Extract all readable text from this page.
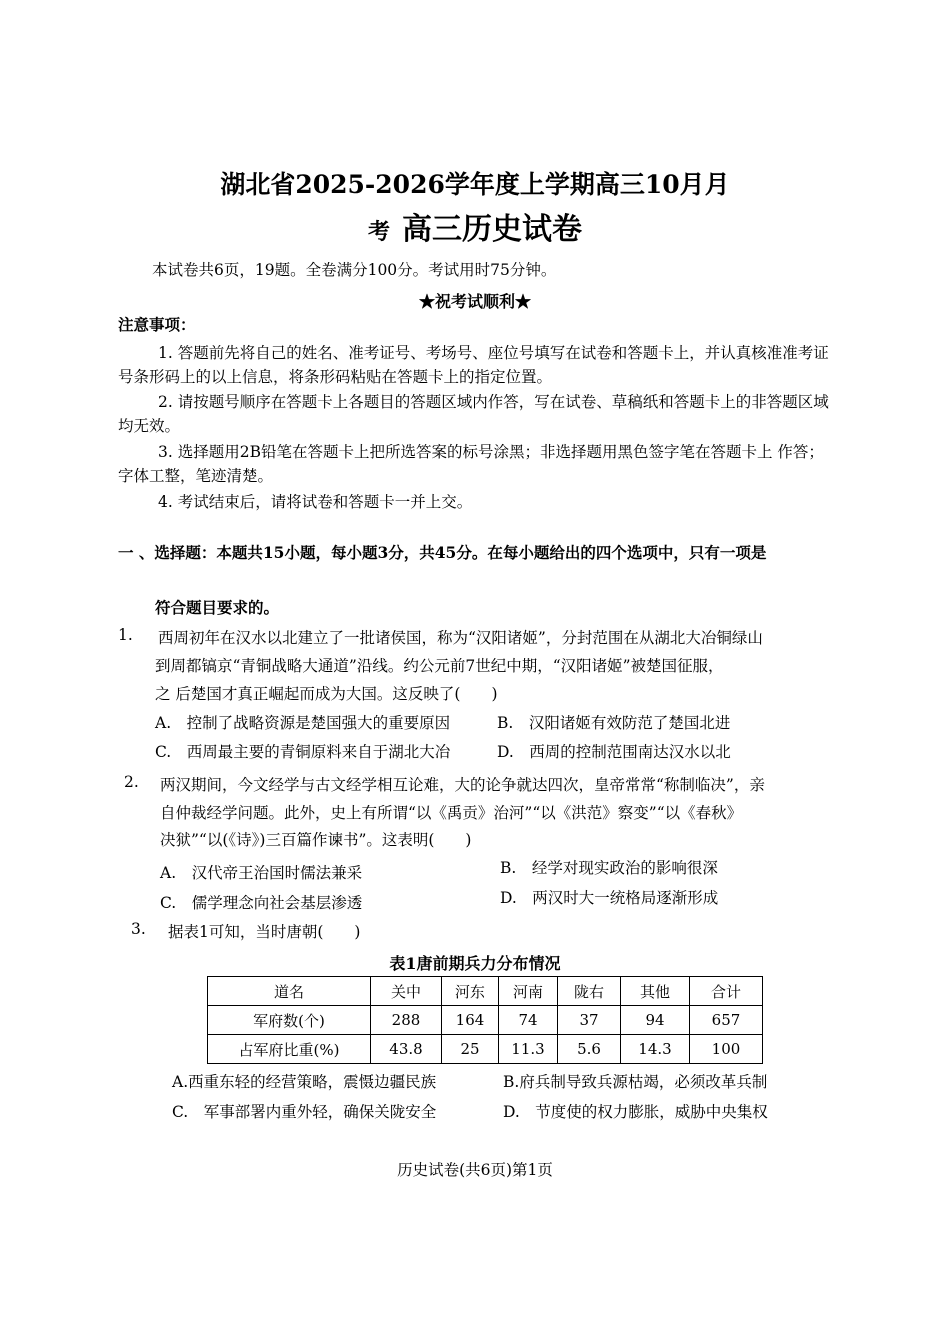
湖北省2025-2026学年度上学期高三10月月
考 高三历史试卷
本试卷共6页，19题。全卷满分100分。考试用时75分钟。
★祝考试顺利★
注意事项：
1. 答题前先将自己的姓名、准考证号、考场号、座位号填写在试卷和答题卡上，并认真核准准考证号条形码上的以上信息，将条形码粘贴在答题卡上的指定位置。
2. 请按题号顺序在答题卡上各题目的答题区域内作答，写在试卷、草稿纸和答题卡上的非答题区域均无效。
3. 选择题用2B铅笔在答题卡上把所选答案的标号涂黑；非选择题用黑色签字笔在答题卡上 作答；字体工整，笔迹清楚。
4. 考试结束后，请将试卷和答题卡一并上交。
一 、选择题：本题共15小题，每小题3分，共45分。在每小题给出的四个选项中，只有一项是
符合题目要求的。
1. 西周初年在汉水以北建立了一批诸侯国，称为“汉阳诸姬”，分封范围在从湖北大冶铜绿山
到周都镐京“青铜战略大通道”沿线。约公元前7世纪中期，“汉阳诸姬”被楚国征服，
之 后楚国才真正崛起而成为大国。这反映了(　　)
A.　控制了战略资源是楚国强大的重要原因	B.　汉阳诸姬有效防范了楚国北进
C.　西周最主要的青铜原料来自于湖北大冶	D.　西周的控制范围南达汉水以北
2. 两汉期间，今文经学与古文经学相互论难，大的论争就达四次，皇帝常常“称制临决”，亲
自仲裁经学问题。此外，史上有所谓“以《禹贡》治河”“以《洪范》察变”“以《春秋》
决狱”“以(《诗》)三百篇作谏书”。这表明(　　)
A.　汉代帝王治国时儒法兼采	B.　经学对现实政治的影响很深
C.　儒学理念向社会基层渗透	D.　两汉时大一统格局逐渐形成
3. 据表1可知，当时唐朝(　　)
表1唐前期兵力分布情况
道名	关中	河东	河南	陇右	其他	合计
军府数(个)	288	164	74	37	94	657
占军府比重(%)	43.8	25	11.3	5.6	14.3	100
A.西重东轻的经营策略，震慑边疆民族	B.府兵制导致兵源枯竭，必须改革兵制
C.　军事部署内重外轻，确保关陇安全	D.　节度使的权力膨胀，威胁中央集权
历史试卷(共6页)第1页
